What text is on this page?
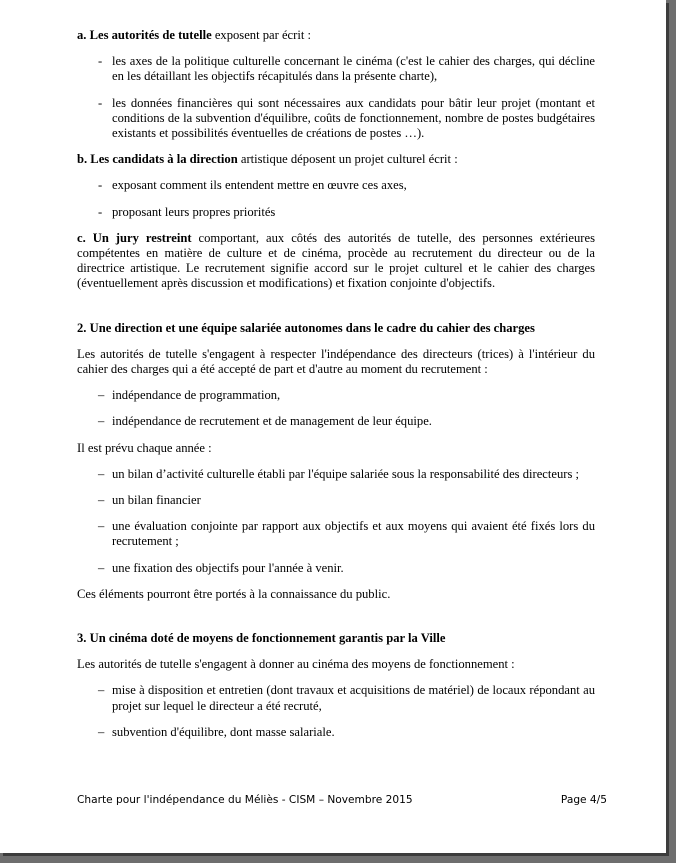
a. Les autorités de tutelle exposent par écrit :

- les axes de la politique culturelle concernant le cinéma (c'est le cahier des charges, qui décline en les détaillant les objectifs récapitulés dans la présente charte),
- les données financières qui sont nécessaires aux candidats pour bâtir leur projet (montant et conditions de la subvention d'équilibre, coûts de fonctionnement, nombre de postes budgétaires existants et possibilités éventuelles de créations de postes …).

b. Les candidats à la direction artistique déposent un projet culturel écrit :

- exposant comment ils entendent mettre en œuvre ces axes,
- proposant leurs propres priorités

c. Un jury restreint comportant, aux côtés des autorités de tutelle, des personnes extérieures compétentes en matière de culture et de cinéma, procède au recrutement du directeur ou de la directrice artistique. Le recrutement signifie accord sur le projet culturel et le cahier des charges (éventuellement après discussion et modifications) et fixation conjointe d'objectifs.

2. Une direction et une équipe salariée autonomes dans le cadre du cahier des charges

Les autorités de tutelle s'engagent à respecter l'indépendance des directeurs (trices) à l'intérieur du cahier des charges qui a été accepté de part et d'autre au moment du recrutement :

– indépendance de programmation,
– indépendance de recrutement et de management de leur équipe.

Il est prévu chaque année :

– un bilan d’activité culturelle établi par l'équipe salariée sous la responsabilité des directeurs ;
– un bilan financier
– une évaluation conjointe par rapport aux objectifs et aux moyens qui avaient été fixés lors du recrutement ;
– une fixation des objectifs pour l'année à venir.

Ces éléments pourront être portés à la connaissance du public.

3. Un cinéma doté de moyens de fonctionnement garantis par la Ville

Les autorités de tutelle s'engagent à donner au cinéma des moyens de fonctionnement :

– mise à disposition et entretien (dont travaux et acquisitions de matériel) de locaux répondant au projet sur lequel le directeur a été recruté,
– subvention d'équilibre, dont masse salariale.
Charte pour l'indépendance du Méliès - CISM – Novembre 2015	Page 4/5
